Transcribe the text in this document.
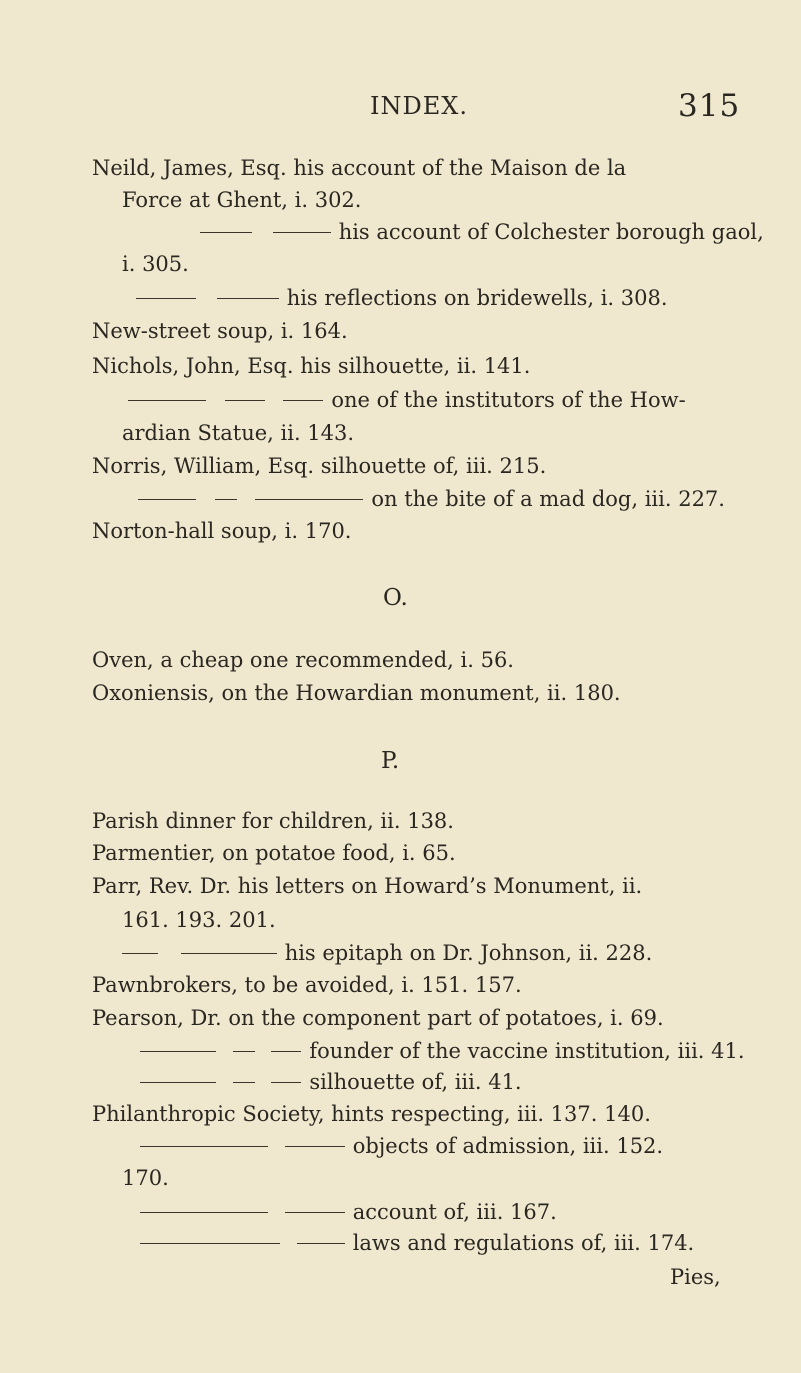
INDEX.	315
Neild, James, Esq. his account of the Maison de la
Force at Ghent, i. 302.
his account of Colchester borough gaol,
i. 305.
his reflections on bridewells, i. 308.
New-street soup, i. 164.
Nichols, John, Esq. his silhouette, ii. 141.
one of the institutors of the How-
ardian Statue, ii. 143.
Norris, William, Esq. silhouette of, iii. 215.
on the bite of a mad dog, iii. 227.
Norton-hall soup, i. 170.
O.
Oven, a cheap one recommended, i. 56.
Oxoniensis, on the Howardian monument, ii. 180.
P.
Parish dinner for children, ii. 138.
Parmentier, on potatoe food, i. 65.
Parr, Rev. Dr. his letters on Howard’s Monument, ii.
161. 193. 201.
his epitaph on Dr. Johnson, ii. 228.
Pawnbrokers, to be avoided, i. 151. 157.
Pearson, Dr. on the component part of potatoes, i. 69.
founder of the vaccine institution, iii. 41.
silhouette of, iii. 41.
Philanthropic Society, hints respecting, iii. 137. 140.
objects of admission, iii. 152.
170.
account of, iii. 167.
laws and regulations of, iii. 174.
Pies,
